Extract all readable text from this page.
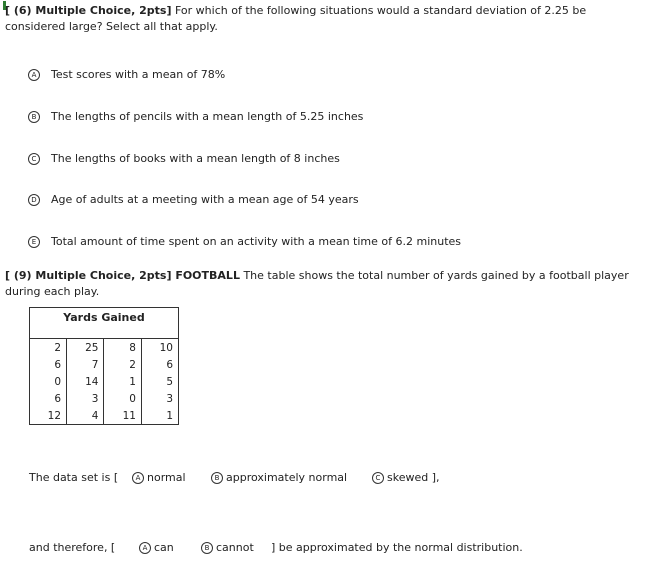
[ (6) Multiple Choice, 2pts] For which of the following situations would a standard deviation of 2.25 be considered large? Select all that apply.
A	Test scores with a mean of 78%
B	The lengths of pencils with a mean length of 5.25 inches
C	The lengths of books with a mean length of 8 inches
D	Age of adults at a meeting with a mean age of 54 years
E	Total amount of time spent on an activity with a mean time of 6.2 minutes
[ (9) Multiple Choice, 2pts] FOOTBALL The table shows the total number of yards gained by a football player during each play.
Yards Gained
2	25	8	10
6	7	2	6
0	14	1	5
6	3	0	3
12	4	11	1
The data set is [	A normal	B approximately normal	C skewed ],
and therefore, [	A can	B cannot ] be approximated by the normal distribution.
